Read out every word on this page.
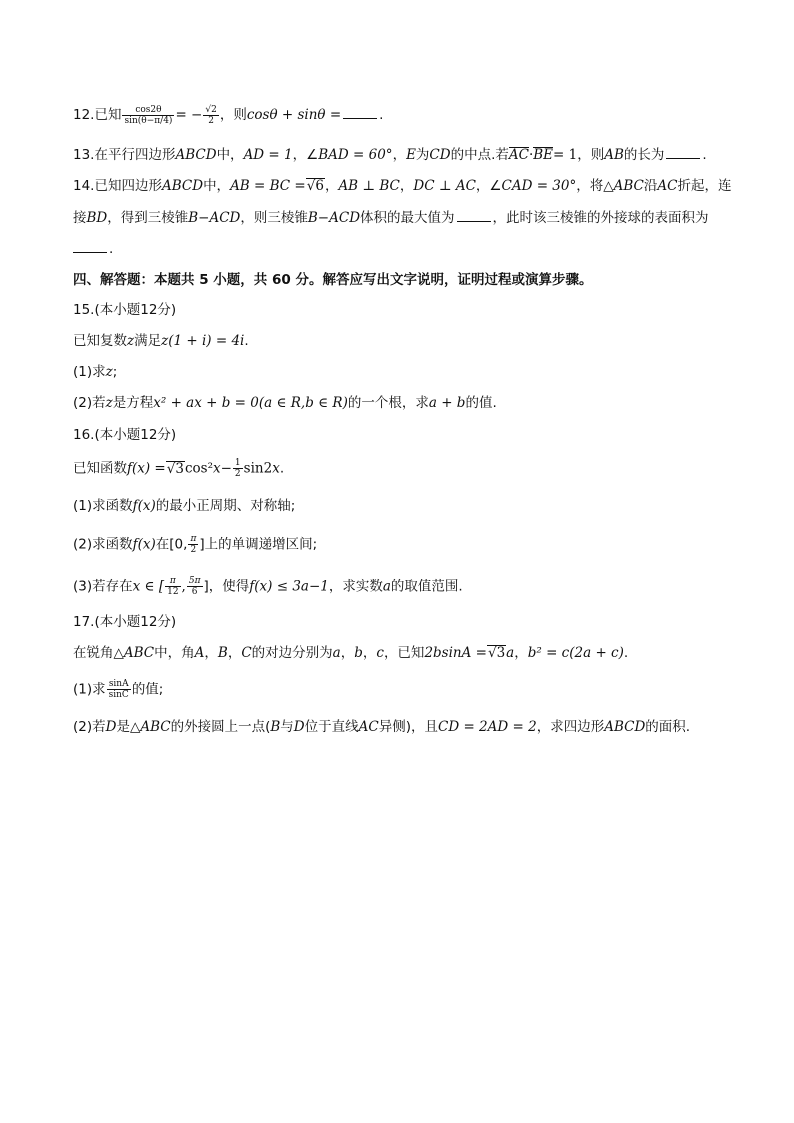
12.已知 $\frac{\cos 2\theta}{\sin(\theta-\pi/4)}$ = − $\frac{√2}{2}$ ，则cosθ + sinθ =	.
13.在平行四边形ABCD中，AD = 1，∠BAD = 60°，E为CD的中点.若AC·BE= 1，则AB的长为	.
14.已知四边形ABCD中，AB = BC =√6，AB ⊥ BC，DC ⊥ AC，∠CAD = 30°，将△ABC沿AC折起，连
接BD，得到三棱锥B−ACD，则三棱锥B−ACD体积的最大值为	，此时该三棱锥的外接球的表面积为
.
四、解答题：本题共 5 小题，共 60 分。解答应写出文字说明，证明过程或演算步骤。
15.(本小题12分)
已知复数z满足z(1 + i) = 4i.
(1)求z;
(2)若z是方程x² + ax + b = 0(a ∈ R,b ∈ R)的一个根，求a + b的值.
16.(本小题12分)
已知函数$f(x) =√3\cos^2x- \frac{1}{2} \sin 2x$.
(1)求函数f(x)的最小正周期、对称轴;
(2)求函数f(x)在[0, $\frac{\pi}{2}$ ]上的单调递增区间;
(3)若存在x ∈ [ $\frac{\pi}{12}$ , $\frac{5\pi}{6}$ ]，使得f(x) ≤ 3a−1，求实数a的取值范围.
17.(本小题12分)
在锐角△ABC中，角A，B，C的对边分别为a，b，c，已知2bsinA =√3a，b² = c(2a + c).
(1)求 $\frac{\sin A}{\sin C}$ 的值;
(2)若D是△ABC的外接圆上一点(B与D位于直线AC异侧)，且CD = 2AD = 2，求四边形ABCD的面积.
